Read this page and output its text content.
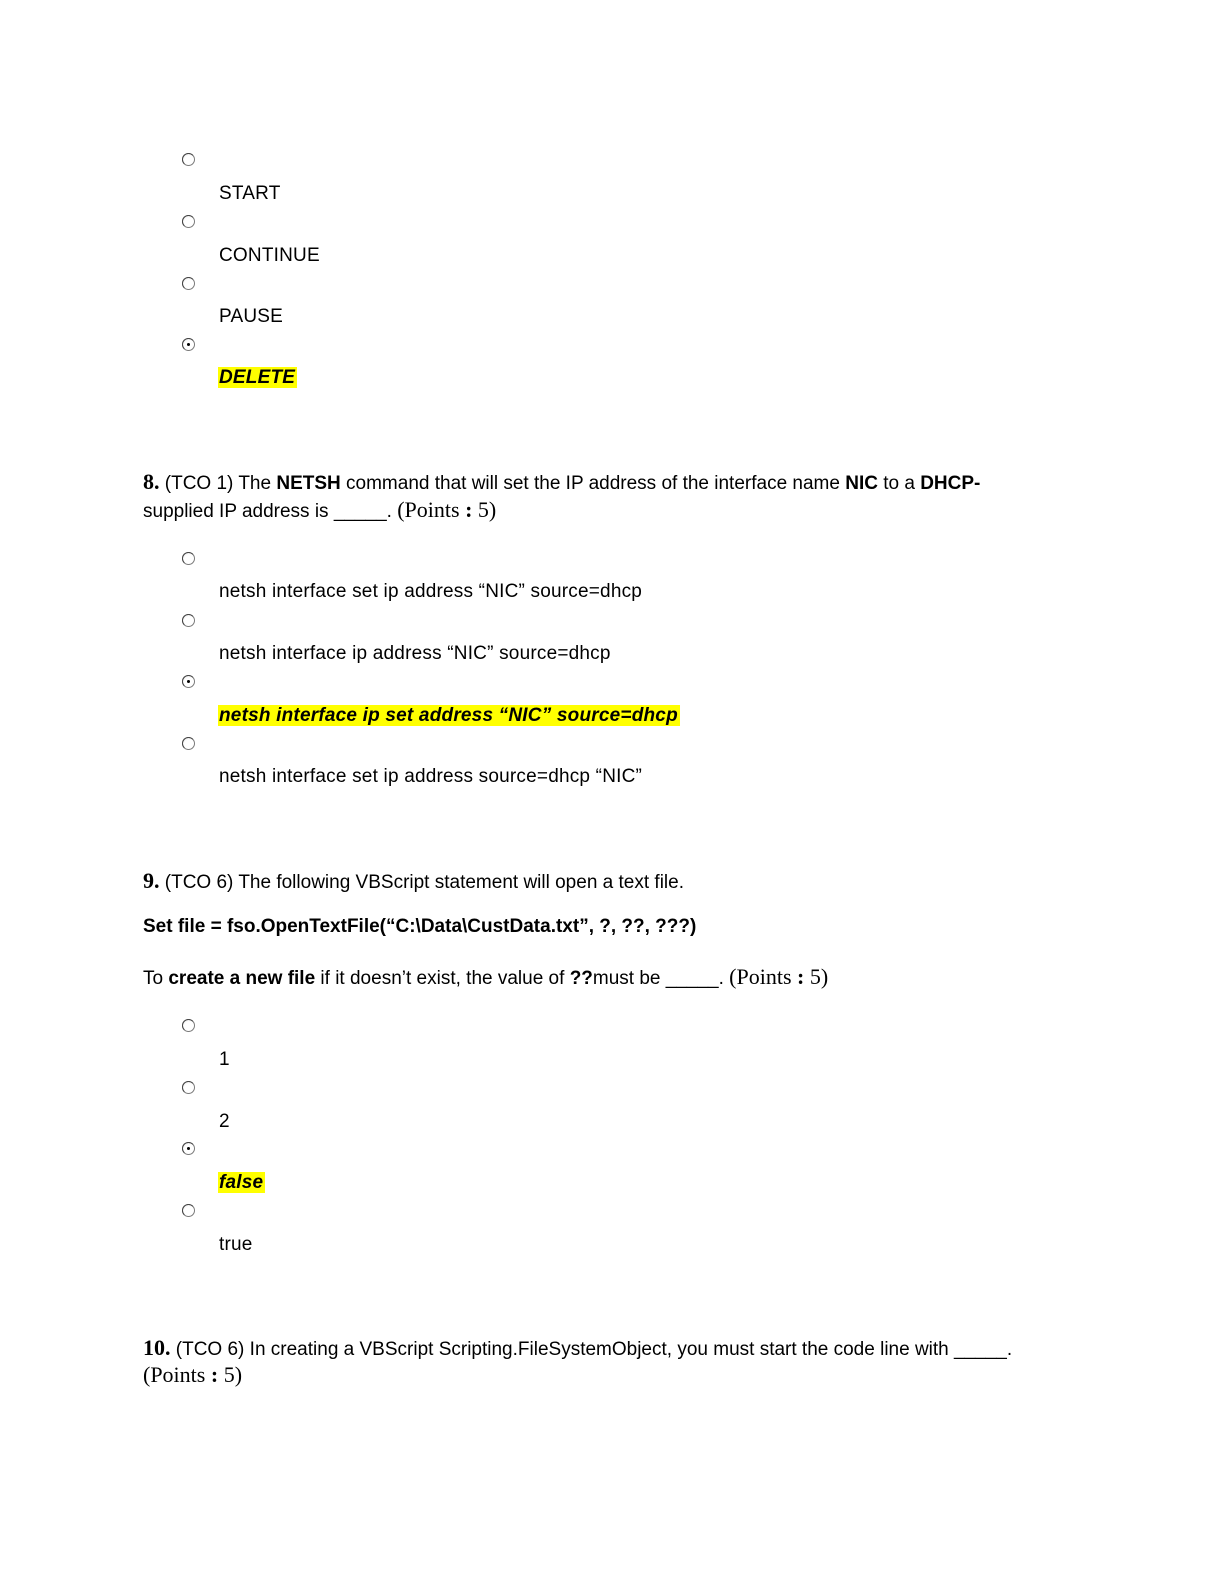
START
CONTINUE
PAUSE
DELETE
8. (TCO 1) The NETSH command that will set the IP address of the interface name NIC to a DHCP-
supplied IP address is _____. (Points : 5)
netsh interface set ip address “NIC” source=dhcp
netsh interface ip address “NIC” source=dhcp
netsh interface ip set address “NIC” source=dhcp
netsh interface set ip address source=dhcp “NIC”
9. (TCO 6) The following VBScript statement will open a text file.
Set file = fso.OpenTextFile(“C:\Data\CustData.txt”, ?, ??, ???)
To create a new file if it doesn’t exist, the value of ??must be _____. (Points : 5)
1
2
false
true
10. (TCO 6) In creating a VBScript Scripting.FileSystemObject, you must start the code line with _____.
(Points : 5)
